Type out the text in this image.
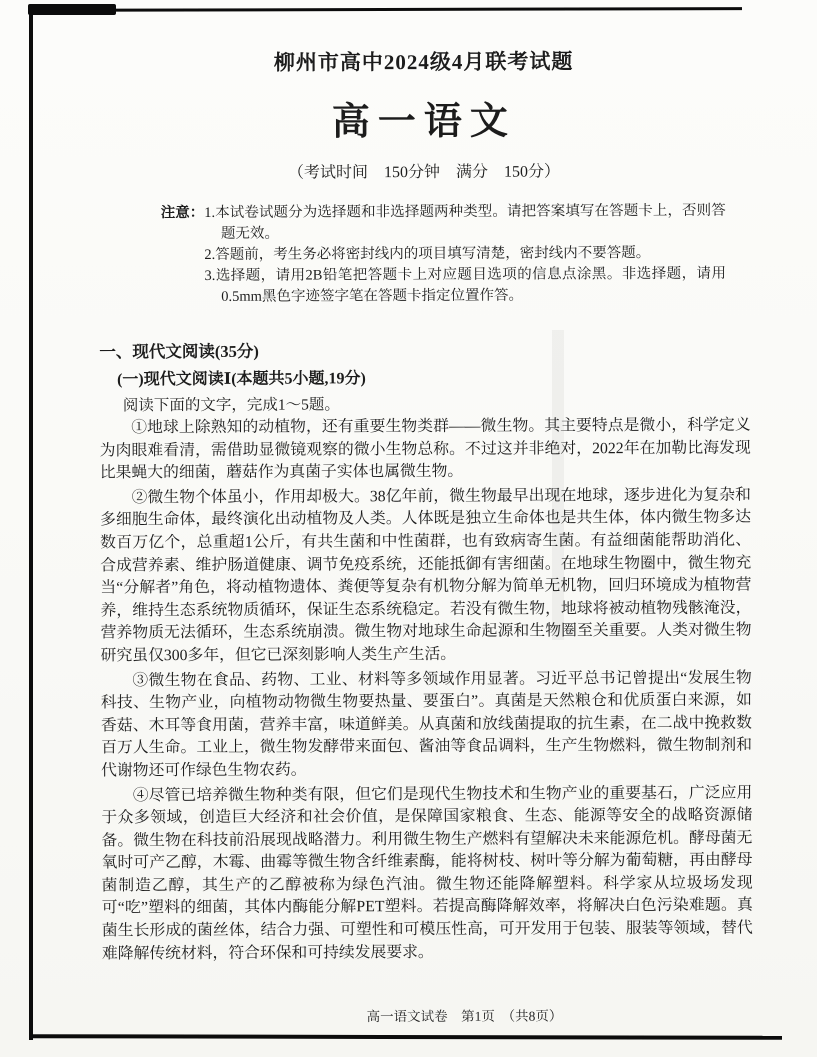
柳州市高中2024级4月联考试题
高一语文

（考试时间　150分钟　满分　150分）

注意： 1.本试卷试题分为选择题和非选择题两种类型。请把答案填写在答题卡上，否则答题无效。

2.答题前，考生务必将密封线内的项目填写清楚，密封线内不要答题。

3.选择题，请用2B铅笔把答题卡上对应题目选项的信息点涂黑。非选择题，请用0.5mm黑色字迹签字笔在答题卡指定位置作答。

一、现代文阅读(35分)
(一)现代文阅读Ⅰ(本题共5小题,19分)

阅读下面的文字，完成1～5题。

①地球上除熟知的动植物，还有重要生物类群——微生物。其主要特点是微小，科学定义为肉眼难看清，需借助显微镜观察的微小生物总称。不过这并非绝对，2022年在加勒比海发现比果蝇大的细菌，蘑菇作为真菌子实体也属微生物。

②微生物个体虽小，作用却极大。38亿年前，微生物最早出现在地球，逐步进化为复杂和多细胞生命体，最终演化出动植物及人类。人体既是独立生命体也是共生体，体内微生物多达数百万亿个，总重超1公斤，有共生菌和中性菌群，也有致病寄生菌。有益细菌能帮助消化、合成营养素、维护肠道健康、调节免疫系统，还能抵御有害细菌。在地球生物圈中，微生物充当“分解者”角色，将动植物遗体、粪便等复杂有机物分解为简单无机物，回归环境成为植物营养，维持生态系统物质循环，保证生态系统稳定。若没有微生物，地球将被动植物残骸淹没，营养物质无法循环，生态系统崩溃。微生物对地球生命起源和生物圈至关重要。人类对微生物研究虽仅300多年，但它已深刻影响人类生产生活。

③微生物在食品、药物、工业、材料等多领域作用显著。习近平总书记曾提出“发展生物科技、生物产业，向植物动物微生物要热量、要蛋白”。真菌是天然粮仓和优质蛋白来源，如香菇、木耳等食用菌，营养丰富，味道鲜美。从真菌和放线菌提取的抗生素，在二战中挽救数百万人生命。工业上，微生物发酵带来面包、酱油等食品调料，生产生物燃料，微生物制剂和代谢物还可作绿色生物农药。

④尽管已培养微生物种类有限，但它们是现代生物技术和生物产业的重要基石，广泛应用于众多领域，创造巨大经济和社会价值，是保障国家粮食、生态、能源等安全的战略资源储备。微生物在科技前沿展现战略潜力。利用微生物生产燃料有望解决未来能源危机。酵母菌无氧时可产乙醇，木霉、曲霉等微生物含纤维素酶，能将树枝、树叶等分解为葡萄糖，再由酵母菌制造乙醇，其生产的乙醇被称为绿色汽油。微生物还能降解塑料。科学家从垃圾场发现可“吃”塑料的细菌，其体内酶能分解PET塑料。若提高酶降解效率，将解决白色污染难题。真菌生长形成的菌丝体，结合力强、可塑性和可模压性高，可开发用于包装、服装等领域，替代难降解传统材料，符合环保和可持续发展要求。

高一语文试卷　第1页　（共8页）
